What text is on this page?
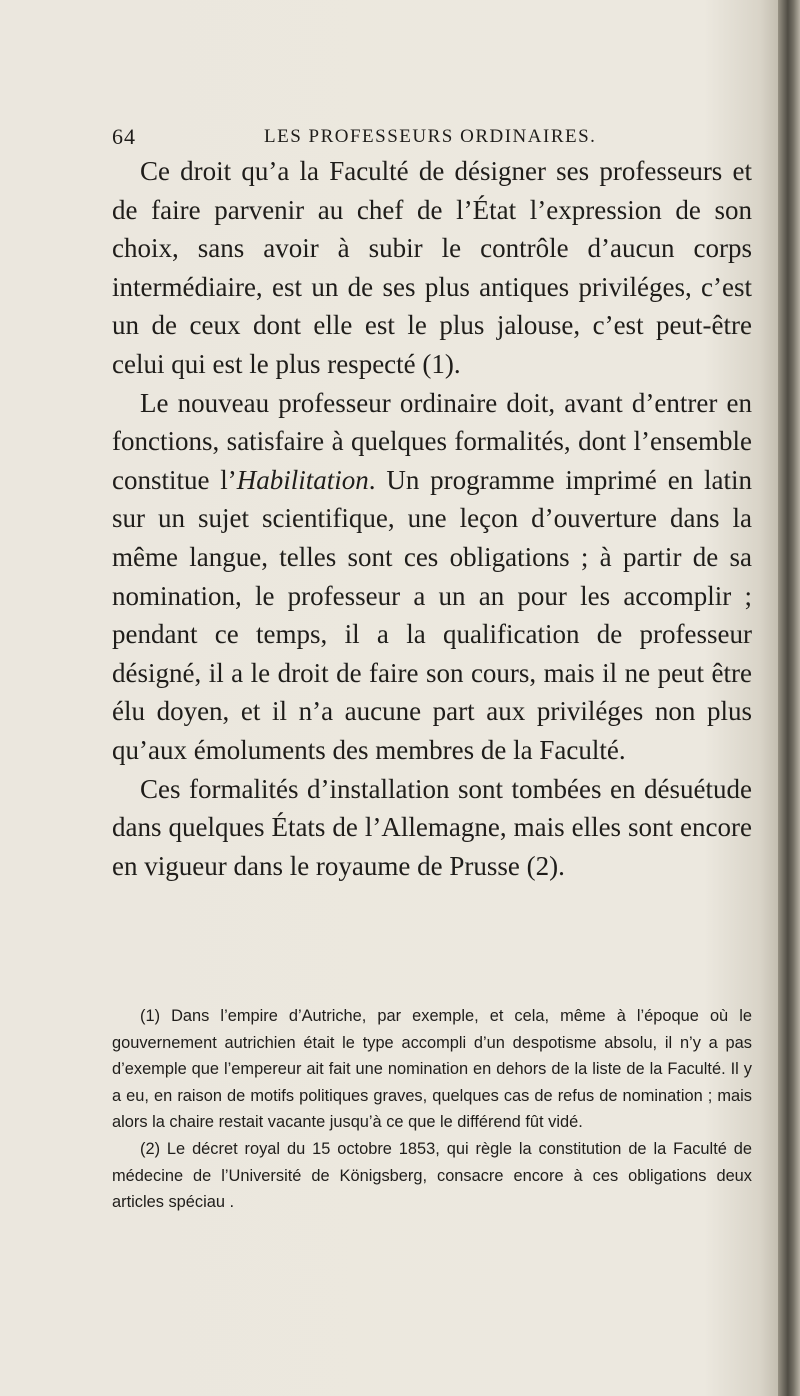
64	LES PROFESSEURS ORDINAIRES.

Ce droit qu’a la Faculté de désigner ses professeurs et de faire parvenir au chef de l’État l’expression de son choix, sans avoir à subir le contrôle d’aucun corps intermédiaire, est un de ses plus antiques priviléges, c’est un de ceux dont elle est le plus jalouse, c’est peut-être celui qui est le plus respecté (1).

Le nouveau professeur ordinaire doit, avant d’entrer en fonctions, satisfaire à quelques formalités, dont l’ensemble constitue l’Habilitation. Un programme imprimé en latin sur un sujet scientifique, une leçon d’ouverture dans la même langue, telles sont ces obligations ; à partir de sa nomination, le professeur a un an pour les accomplir ; pendant ce temps, il a la qualification de professeur désigné, il a le droit de faire son cours, mais il ne peut être élu doyen, et il n’a aucune part aux priviléges non plus qu’aux émoluments des membres de la Faculté.

Ces formalités d’installation sont tombées en désuétude dans quelques États de l’Allemagne, mais elles sont encore en vigueur dans le royaume de Prusse (2).

(1) Dans l’empire d’Autriche, par exemple, et cela, même à l’époque où le gouvernement autrichien était le type accompli d’un despotisme absolu, il n’y a pas d’exemple que l’empereur ait fait une nomination en dehors de la liste de la Faculté. Il y a eu, en raison de motifs politiques graves, quelques cas de refus de nomination ; mais alors la chaire restait vacante jusqu’à ce que le différend fût vidé.

(2) Le décret royal du 15 octobre 1853, qui règle la constitution de la Faculté de médecine de l’Université de Königsberg, consacre encore à ces obligations deux articles spéciau .
